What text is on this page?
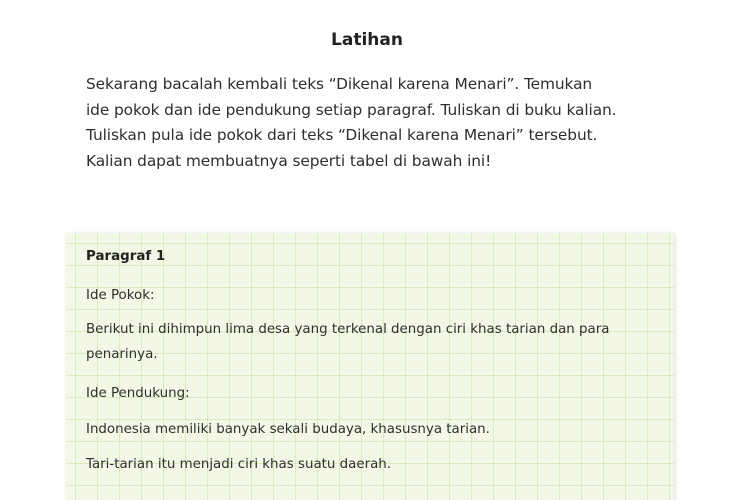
Latihan
Sekarang bacalah kembali teks “Dikenal karena Menari”. Temukan
ide pokok dan ide pendukung setiap paragraf. Tuliskan di buku kalian.
Tuliskan pula ide pokok dari teks “Dikenal karena Menari” tersebut.
Kalian dapat membuatnya seperti tabel di bawah ini!
Paragraf 1
Ide Pokok:
Berikut ini dihimpun lima desa yang terkenal dengan ciri khas tarian dan para
penarinya.
Ide Pendukung:
Indonesia memiliki banyak sekali budaya, khasusnya tarian.
Tari-tarian itu menjadi ciri khas suatu daerah.
